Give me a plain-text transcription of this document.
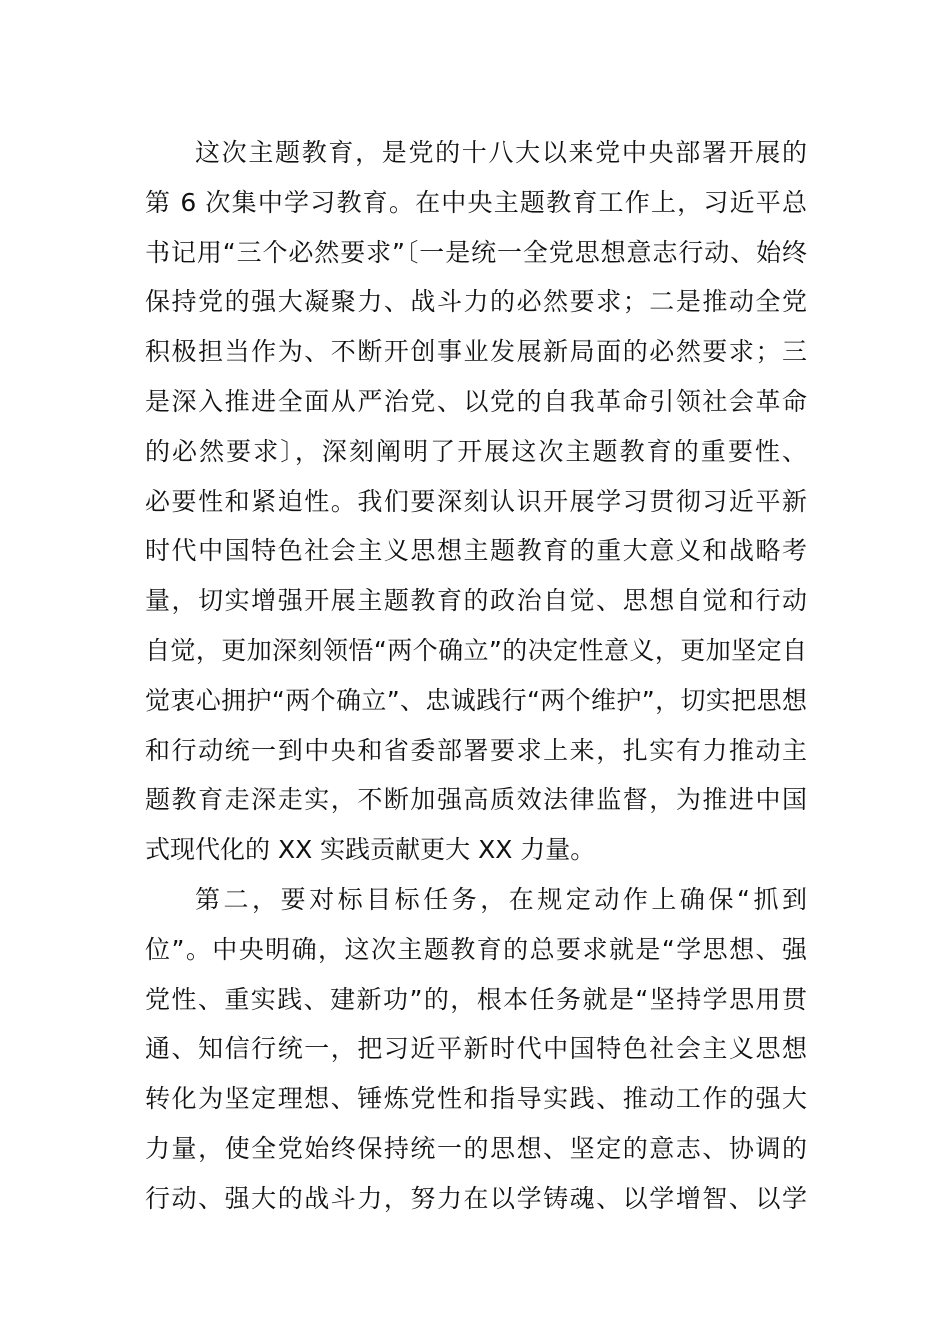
这次主题教育，是党的十八大以来党中央部署开展的
第 6 次集中学习教育。在中央主题教育工作上，习近平总
书记用“三个必然要求”〔一是统一全党思想意志行动、始终
保持党的强大凝聚力、战斗力的必然要求；二是推动全党
积极担当作为、不断开创事业发展新局面的必然要求；三
是深入推进全面从严治党、以党的自我革命引领社会革命
的必然要求〕，深刻阐明了开展这次主题教育的重要性、
必要性和紧迫性。我们要深刻认识开展学习贯彻习近平新
时代中国特色社会主义思想主题教育的重大意义和战略考
量，切实增强开展主题教育的政治自觉、思想自觉和行动
自觉，更加深刻领悟“两个确立”的决定性意义，更加坚定自
觉衷心拥护“两个确立”、忠诚践行“两个维护”，切实把思想
和行动统一到中央和省委部署要求上来，扎实有力推动主
题教育走深走实，不断加强高质效法律监督，为推进中国
式现代化的 XX 实践贡献更大 XX 力量。
第二，要对标目标任务，在规定动作上确保“抓到
位”。中央明确，这次主题教育的总要求就是“学思想、强
党性、重实践、建新功”的，根本任务就是“坚持学思用贯
通、知信行统一，把习近平新时代中国特色社会主义思想
转化为坚定理想、锤炼党性和指导实践、推动工作的强大
力量，使全党始终保持统一的思想、坚定的意志、协调的
行动、强大的战斗力，努力在以学铸魂、以学增智、以学
